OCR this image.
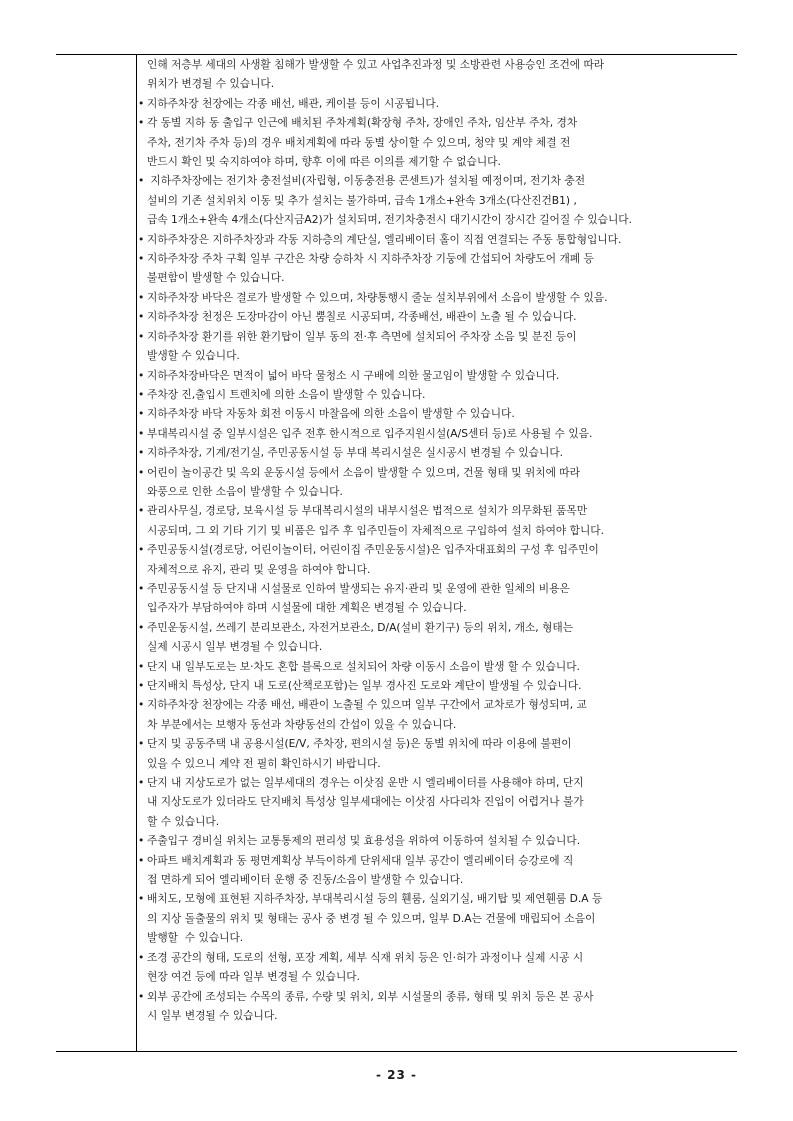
인해 저층부 세대의 사생활 침해가 발생할 수 있고 사업추진과정 및 소방관련 사용승인 조건에 따라
위치가 변경될 수 있습니다.
• 지하주차장 천장에는 각종 배선, 배관, 케이블 등이 시공됩니다.
• 각 동별 지하 동 출입구 인근에 배치된 주차계획(확장형 주차, 장애인 주차, 임산부 주차, 경차
주차, 전기차 주차 등)의 경우 배치계획에 따라 동별 상이할 수 있으며, 청약 및 계약 체결 전
반드시 확인 및 숙지하여야 하며, 향후 이에 따른 이의를 제기할 수 없습니다.
• 지하주차장에는 전기차 충전설비(자립형, 이동충전용 콘센트)가 설치될 예정이며, 전기차 충전
설비의 기존 설치위치 이동 및 추가 설치는 불가하며, 급속 1개소+완속 3개소(다산진건B1) ,
급속 1개소+완속 4개소(다산지금A2)가 설치되며, 전기차충전시 대기시간이 장시간 길어질 수 있습니다.
• 지하주차장은 지하주차장과 각동 지하층의 계단실, 엘리베이터 홀이 직접 연결되는 주동 통합형입니다.
• 지하주차장 주차 구획 일부 구간은 차량 승하차 시 지하주차장 기둥에 간섭되어 차량도어 개폐 등
불편함이 발생할 수 있습니다.
• 지하주차장 바닥은 결로가 발생할 수 있으며, 차량통행시 줄눈 설치부위에서 소음이 발생할 수 있음.
• 지하주차장 천정은 도장마감이 아닌 뿜칠로 시공되며, 각종배선, 배관이 노출 될 수 있습니다.
• 지하주차장 환기를 위한 환기탑이 일부 동의 전·후 측면에 설치되어 주차장 소음 및 분진 등이
발생할 수 있습니다.
• 지하주차장바닥은 면적이 넓어 바닥 물청소 시 구배에 의한 물고임이 발생할 수 있습니다.
• 주차장 진,출입시 트렌치에 의한 소음이 발생할 수 있습니다.
• 지하주차장 바닥 자동차 회전 이동시 마찰음에 의한 소음이 발생할 수 있습니다.
• 부대복리시설 중 일부시설은 입주 전후 한시적으로 입주지원시설(A/S센터 등)로 사용될 수 있음.
• 지하주차장, 기계/전기실, 주민공동시설 등 부대 복리시설은 실시공시 변경될 수 있습니다.
• 어린이 놀이공간 및 옥외 운동시설 등에서 소음이 발생할 수 있으며, 건물 형태 및 위치에 따라
와풍으로 인한 소음이 발생할 수 있습니다.
• 관리사무실, 경로당, 보육시설 등 부대복리시설의 내부시설은 법적으로 설치가 의무화된 품목만
시공되며, 그 외 기타 기기 및 비품은 입주 후 입주민들이 자체적으로 구입하여 설치 하여야 합니다.
• 주민공동시설(경로당, 어린이놀이터, 어린이집 주민운동시설)은 입주자대표회의 구성 후 입주민이
자체적으로 유지, 관리 및 운영을 하여야 합니다.
• 주민공동시설 등 단지내 시설물로 인하여 발생되는 유지·관리 및 운영에 관한 일체의 비용은
입주자가 부담하여야 하며 시설물에 대한 계획은 변경될 수 있습니다.
• 주민운동시설, 쓰레기 분리보관소, 자전거보관소, D/A(설비 환기구) 등의 위치, 개소, 형태는
실제 시공시 일부 변경될 수 있습니다.
• 단지 내 일부도로는 보·차도 혼합 블록으로 설치되어 차량 이동시 소음이 발생 할 수 있습니다.
• 단지배치 특성상, 단지 내 도로(산책로포함)는 일부 경사진 도로와 계단이 발생될 수 있습니다.
• 지하주차장 천장에는 각종 배선, 배관이 노출될 수 있으며 일부 구간에서 교차로가 형성되며, 교
차 부분에서는 보행자 동선과 차량동선의 간섭이 있을 수 있습니다.
• 단지 및 공동주택 내 공용시설(E/V, 주차장, 편의시설 등)은 동별 위치에 따라 이용에 불편이
있을 수 있으니 계약 전 필히 확인하시기 바랍니다.
• 단지 내 지상도로가 없는 일부세대의 경우는 이삿짐 운반 시 엘리베이터를 사용해야 하며, 단지
내 지상도로가 있더라도 단지배치 특성상 일부세대에는 이삿짐 사다리차 진입이 어렵거나 불가
할 수 있습니다.
• 주출입구 경비실 위치는 교통통제의 편리성 및 효용성을 위하여 이동하여 설치될 수 있습니다.
• 아파트 배치계획과 동 평면계획상 부득이하게 단위세대 일부 공간이 엘리베이터 승강로에 직
접 면하게 되어 엘리베이터 운행 중 진동/소음이 발생할 수 있습니다.
• 배치도, 모형에 표현된 지하주차장, 부대복리시설 등의 휀룸, 실외기실, 배기탑 및 제연휀룸 D.A 등
의 지상 돌출물의 위치 및 형태는 공사 중 변경 될 수 있으며, 일부 D.A는 건물에 매립되어 소음이
발행할  수 있습니다.
• 조경 공간의 형태, 도로의 선형, 포장 계획, 세부 식재 위치 등은 인·허가 과정이나 실제 시공 시
현장 여건 등에 따라 일부 변경될 수 있습니다.
• 외부 공간에 조성되는 수목의 종류, 수량 및 위치, 외부 시설물의 종류, 형태 및 위치 등은 본 공사
시 일부 변경될 수 있습니다.
- 23 -
